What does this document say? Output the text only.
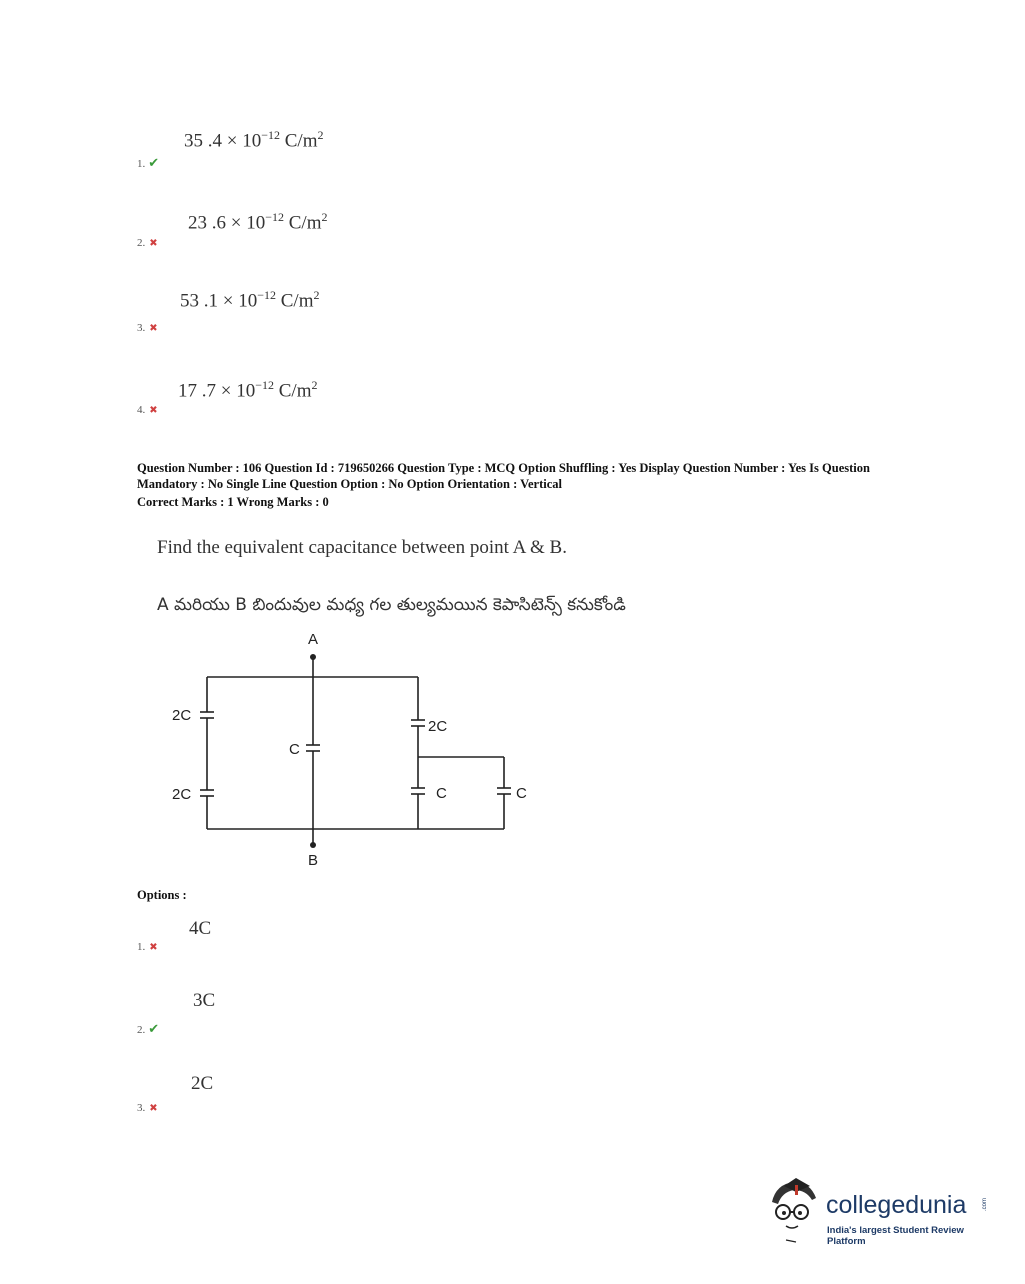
35 $.4 \times 10^{-12}$ $C/m^2$
1. ✔
23 $.6 \times 10^{-12}$ $C/m^2$
2. ✖
53 $.1 \times 10^{-12}$ $C/m^2$
3. ✖
17 $.7 \times 10^{-12}$ $C/m^2$
4. ✖
Question Number : 106 Question Id : 719650266 Question Type : MCQ Option Shuffling : Yes Display Question Number : Yes Is Question
Mandatory : No Single Line Question Option : No Option Orientation : Vertical
Correct Marks : 1 Wrong Marks : 0
Find the equivalent capacitance between point A & B.
A మరియు B బిందువుల మధ్య గల తుల్యమయిన కెపాసిటెన్స్ కనుకోండి
A
B
2C
2C
C
2C
C	C
Options :
4C
1. ✖
3C
2. ✔
2C
3. ✖
collegedunia	.com
India's largest Student Review Platform
